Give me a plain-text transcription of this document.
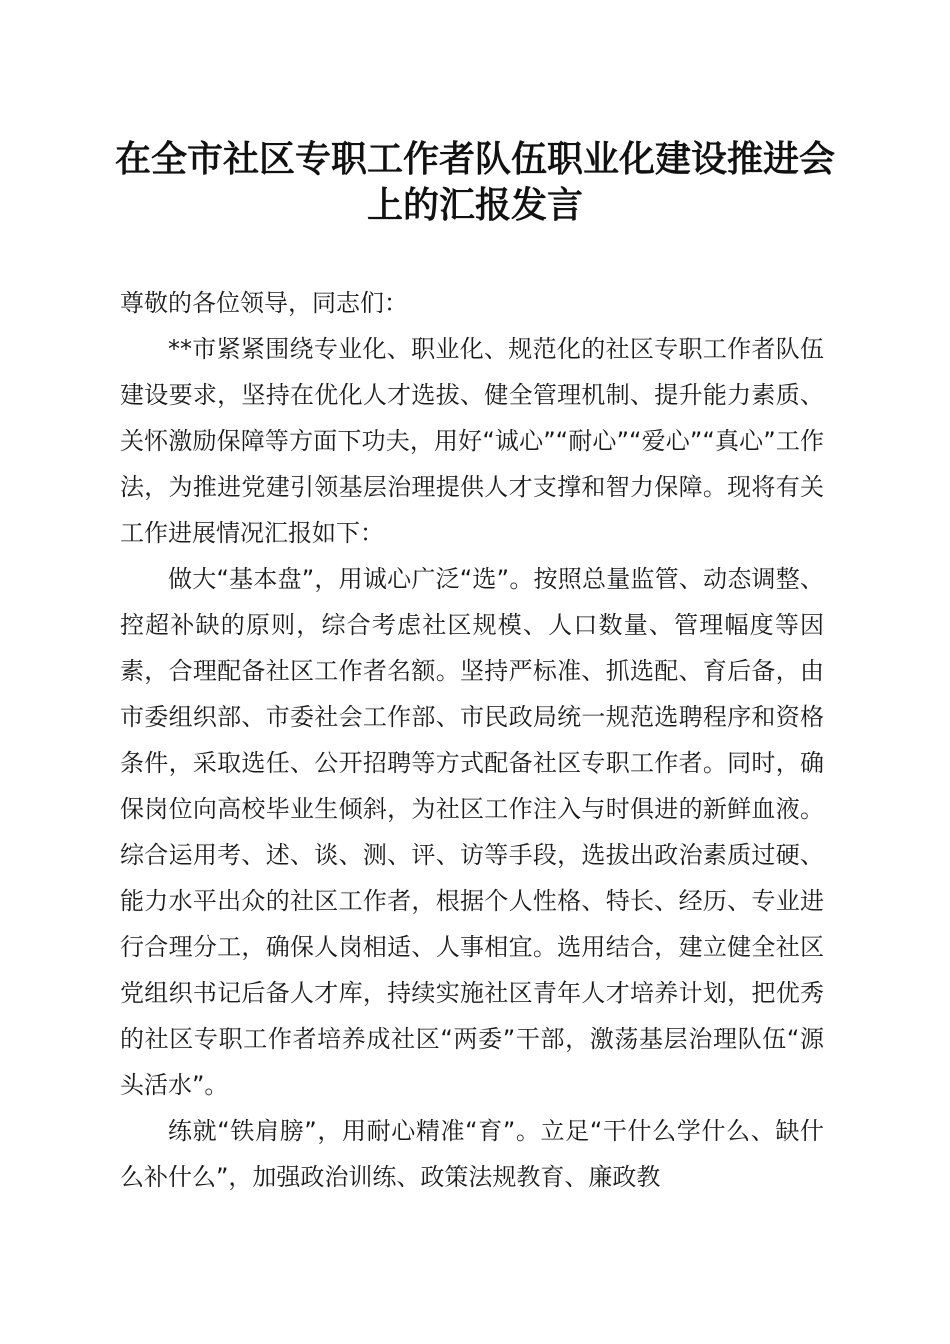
在全市社区专职工作者队伍职业化建设推进会上的汇报发言

尊敬的各位领导，同志们：

**市紧紧围绕专业化、职业化、规范化的社区专职工作者队伍建设要求，坚持在优化人才选拔、健全管理机制、提升能力素质、关怀激励保障等方面下功夫，用好“诚心”“耐心”“爱心”“真心”工作法，为推进党建引领基层治理提供人才支撑和智力保障。现将有关工作进展情况汇报如下：

做大“基本盘”，用诚心广泛“选”。按照总量监管、动态调整、控超补缺的原则，综合考虑社区规模、人口数量、管理幅度等因素，合理配备社区工作者名额。坚持严标准、抓选配、育后备，由市委组织部、市委社会工作部、市民政局统一规范选聘程序和资格条件，采取选任、公开招聘等方式配备社区专职工作者。同时，确保岗位向高校毕业生倾斜，为社区工作注入与时俱进的新鲜血液。综合运用考、述、谈、测、评、访等手段，选拔出政治素质过硬、能力水平出众的社区工作者，根据个人性格、特长、经历、专业进行合理分工，确保人岗相适、人事相宜。选用结合，建立健全社区党组织书记后备人才库，持续实施社区青年人才培养计划，把优秀的社区专职工作者培养成社区“两委”干部，激荡基层治理队伍“源头活水”。

练就“铁肩膀”，用耐心精准“育”。立足“干什么学什么、缺什么补什么”，加强政治训练、政策法规教育、廉政教
